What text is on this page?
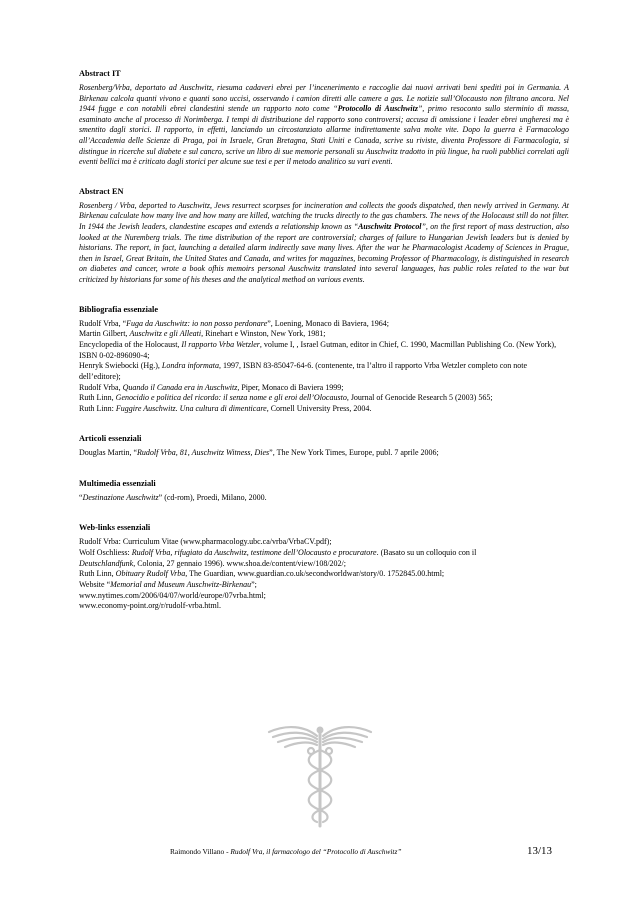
Abstract IT

Rosenberg/Vrba, deportato ad Auschwitz, riesuma cadaveri ebrei per l’incenerimento e raccoglie dai nuovi arrivati beni spediti poi in Germania. A Birkenau calcola quanti vivono e quanti sono uccisi, osservando i camion diretti alle camere a gas. Le notizie sull’Olocausto non filtrano ancora. Nel 1944 fugge e con notabili ebrei clandestini stende un rapporto noto come “Protocollo di Auschwitz”, primo resoconto sullo sterminio di massa, esaminato anche al processo di Norimberga. I tempi di distribuzione del rapporto sono controversi; accusa di omissione i leader ebrei ungheresi ma è smentito dagli storici. Il rapporto, in effetti, lanciando un circostanziato allarme indirettamente salva molte vite. Dopo la guerra è Farmacologo all’Accademia delle Scienze di Praga, poi in Israele, Gran Bretagna, Stati Uniti e Canada, scrive su riviste, diventa Professore di Farmacologia, si distingue in ricerche sul diabete e sul cancro, scrive un libro di sue memorie personali su Auschwitz tradotto in più lingue, ha ruoli pubblici correlati agli eventi bellici ma è criticato dagli storici per alcune sue tesi e per il metodo analitico su vari eventi.

Abstract EN

Rosenberg / Vrba, deported to Auschwitz, Jews resurrect scorpses for incineration and collects the goods dispatched, then newly arrived in Germany. At Birkenau calculate how many live and how many are killed, watching the trucks directly to the gas chambers. The news of the Holocaust still do not filter. In 1944 the Jewish leaders, clandestine escapes and extends a relationship known as “Auschwitz Protocol”, on the first report of mass destruction, also looked at the Nuremberg trials. The time distribution of the report are controversial; charges of failure to Hungarian Jewish leaders but is denied by historians. The report, in fact, launching a detailed alarm indirectly save many lives. After the war he Pharmacologist Academy of Sciences in Prague, then in Israel, Great Britain, the United States and Canada, and writes for magazines, becoming Professor of Pharmacology, is distinguished in research on diabetes and cancer, wrote a book ofhis memoirs personal Auschwitz translated into several languages, has public roles related to the war but criticized by historians for some of his theses and the analytical method on various events.

Bibliografia essenziale

Rudolf Vrba, “Fuga da Auschwitz: io non posso perdonare”, Loening, Monaco di Baviera, 1964;

Martin Gilbert, Auschwitz e gli Alleati, Rinehart e Winston, New York, 1981;

Encyclopedia of the Holocaust, Il rapporto Vrba Wetzler, volume I, , Israel Gutman, editor in Chief, C. 1990, Macmillan Publishing Co. (New York), ISBN 0-02-896090-4;

Henryk Swiebocki (Hg.), Londra informata, 1997, ISBN 83-85047-64-6. (contenente, tra l’altro il rapporto Vrba Wetzler completo con note dell’editore);

Rudolf Vrba, Quando il Canada era in Auschwitz, Piper, Monaco di Baviera 1999;

Ruth Linn, Genocidio e politica del ricordo: il senza nome e gli eroi dell’Olocausto, Journal of Genocide Research 5 (2003) 565;

Ruth Linn: Fuggire Auschwitz. Una cultura di dimenticare, Cornell University Press, 2004.

Articoli essenziali

Douglas Martin, “Rudolf Vrba, 81, Auschwitz Witness, Dies”, The New York Times, Europe, publ. 7 aprile 2006;

Multimedia essenziali

“Destinazione Auschwitz” (cd-rom), Proedi, Milano, 2000.

Web-links essenziali

Rudolf Vrba: Curriculum Vitae (www.pharmacology.ubc.ca/vrba/VrbaCV.pdf);

Wolf Oschliess: Rudolf Vrba, rifugiato da Auschwitz, testimone dell’Olocausto e procuratore. (Basato su un colloquio con il

Deutschlandfunk, Colonia, 27 gennaio 1996). www.shoa.de/content/view/108/202/;

Ruth Linn, Obituary Rudolf Vrba, The Guardian, www.guardian.co.uk/secondworldwar/story/0. 1752845.00.html;

Website “Memorial and Museum Auschwitz-Birkenau”;

www.nytimes.com/2006/04/07/world/europe/07vrba.html;

www.economy-point.org/r/rudolf-vrba.html.

Raimondo Villano - Rudolf Vra, il farmacologo del “Protocollo di Auschwitz”	13/13
